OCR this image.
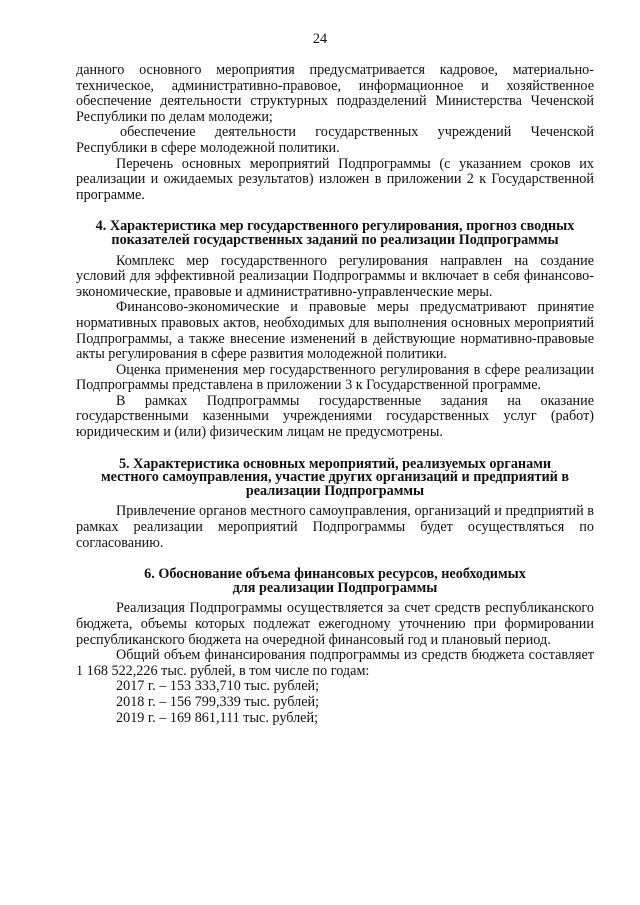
24

данного основного мероприятия предусматривается кадровое, материально-техническое, административно-правовое, информационное и хозяйственное обеспечение деятельности структурных подразделений Министерства Чеченской Республики по делам молодежи;

обеспечение деятельности государственных учреждений Чеченской Республики в сфере молодежной политики.

Перечень основных мероприятий Подпрограммы (с указанием сроков их реализации и ожидаемых результатов) изложен в приложении 2 к Государственной программе.

4. Характеристика мер государственного регулирования, прогноз сводных
показателей государственных заданий по реализации Подпрограммы

Комплекс мер государственного регулирования направлен на создание условий для эффективной реализации Подпрограммы и включает в себя финансово-экономические, правовые и административно-управленческие меры.

Финансово-экономические и правовые меры предусматривают принятие нормативных правовых актов, необходимых для выполнения основных мероприятий Подпрограммы, а также внесение изменений в действующие нормативно-правовые акты регулирования в сфере развития молодежной политики.

Оценка применения мер государственного регулирования в сфере реализации Подпрограммы представлена в приложении 3 к Государственной программе.

В рамках Подпрограммы государственные задания на оказание государственными казенными учреждениями государственных услуг (работ) юридическим и (или) физическим лицам не предусмотрены.

5. Характеристика основных мероприятий, реализуемых органами
местного самоуправления, участие других организаций и предприятий в
реализации Подпрограммы

Привлечение органов местного самоуправления, организаций и предприятий в рамках реализации мероприятий Подпрограммы будет осуществляться по согласованию.

6. Обоснование объема финансовых ресурсов, необходимых
для реализации Подпрограммы

Реализация Подпрограммы осуществляется за счет средств республиканского бюджета, объемы которых подлежат ежегодному уточнению при формировании республиканского бюджета на очередной финансовый год и плановый период.

Общий объем финансирования подпрограммы из средств бюджета составляет 1 168 522,226 тыс. рублей, в том числе по годам:

2017 г. – 153 333,710 тыс. рублей;

2018 г. – 156 799,339 тыс. рублей;

2019 г. – 169 861,111 тыс. рублей;
